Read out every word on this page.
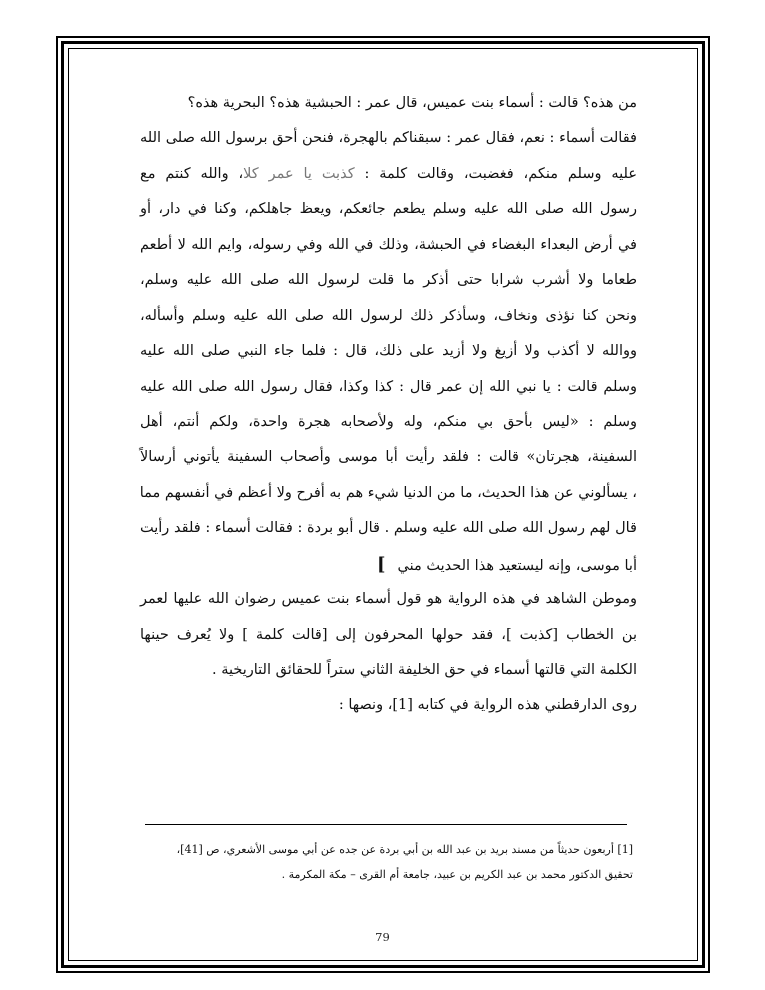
من هذه؟ قالت : أسماء بنت عميس، قال عمر : الحبشية هذه؟ البحرية هذه؟
فقالت أسماء : نعم، فقال عمر : سبقناكم بالهجرة، فنحن أحق برسول الله صلى الله
عليه وسلم منكم، فغضبت، وقالت كلمة : كذبت يا عمر كلا، والله كنتم مع
رسول الله صلى الله عليه وسلم يطعم جائعكم، ويعظ جاهلكم، وكنا في دار، أو
في أرض البعداء البغضاء في الحبشة، وذلك في الله وفي رسوله، وايم الله لا أطعم
طعاما ولا أشرب شرابا حتى أذكر ما قلت لرسول الله صلى الله عليه وسلم،
ونحن كنا نؤذى ونخاف، وسأذكر ذلك لرسول الله صلى الله عليه وسلم وأسأله،
ووالله لا أكذب ولا أزيغ ولا أزيد على ذلك، قال : فلما جاء النبي صلى الله عليه
وسلم قالت : يا نبي الله إن عمر قال : كذا وكذا، فقال رسول الله صلى الله عليه
وسلم : «ليس بأحق بي منكم، وله ولأصحابه هجرة واحدة، ولكم أنتم، أهل
السفينة، هجرتان» قالت : فلقد رأيت أبا موسى وأصحاب السفينة يأتوني أرسالاً
، يسألوني عن هذا الحديث، ما من الدنيا شيء هم به أفرح ولا أعظم في أنفسهم مما
قال لهم رسول الله صلى الله عليه وسلم . قال أبو بردة : فقالت أسماء : فلقد رأيت
أبا موسى، وإنه ليستعيد هذا الحديث مني]
وموطن الشاهد في هذه الرواية هو قول أسماء بنت عميس رضوان الله عليها لعمر
بن الخطاب [كذبت ]، فقد حولها المحرفون إلى [قالت كلمة ] ولا يُعرف حينها
الكلمة التي قالتها أسماء في حق الخليفة الثاني ستراً للحقائق التاريخية .
روى الدارقطني هذه الرواية في كتابه [1]، ونصها :
[1] أربعون حديثاً من مسند بريد بن عبد الله بن أبي بردة عن جده عن أبي موسى الأشعري، ص [41]،
تحقيق الدكتور محمد بن عبد الكريم بن عبيد، جامعة أم القرى – مكة المكرمة .
79
